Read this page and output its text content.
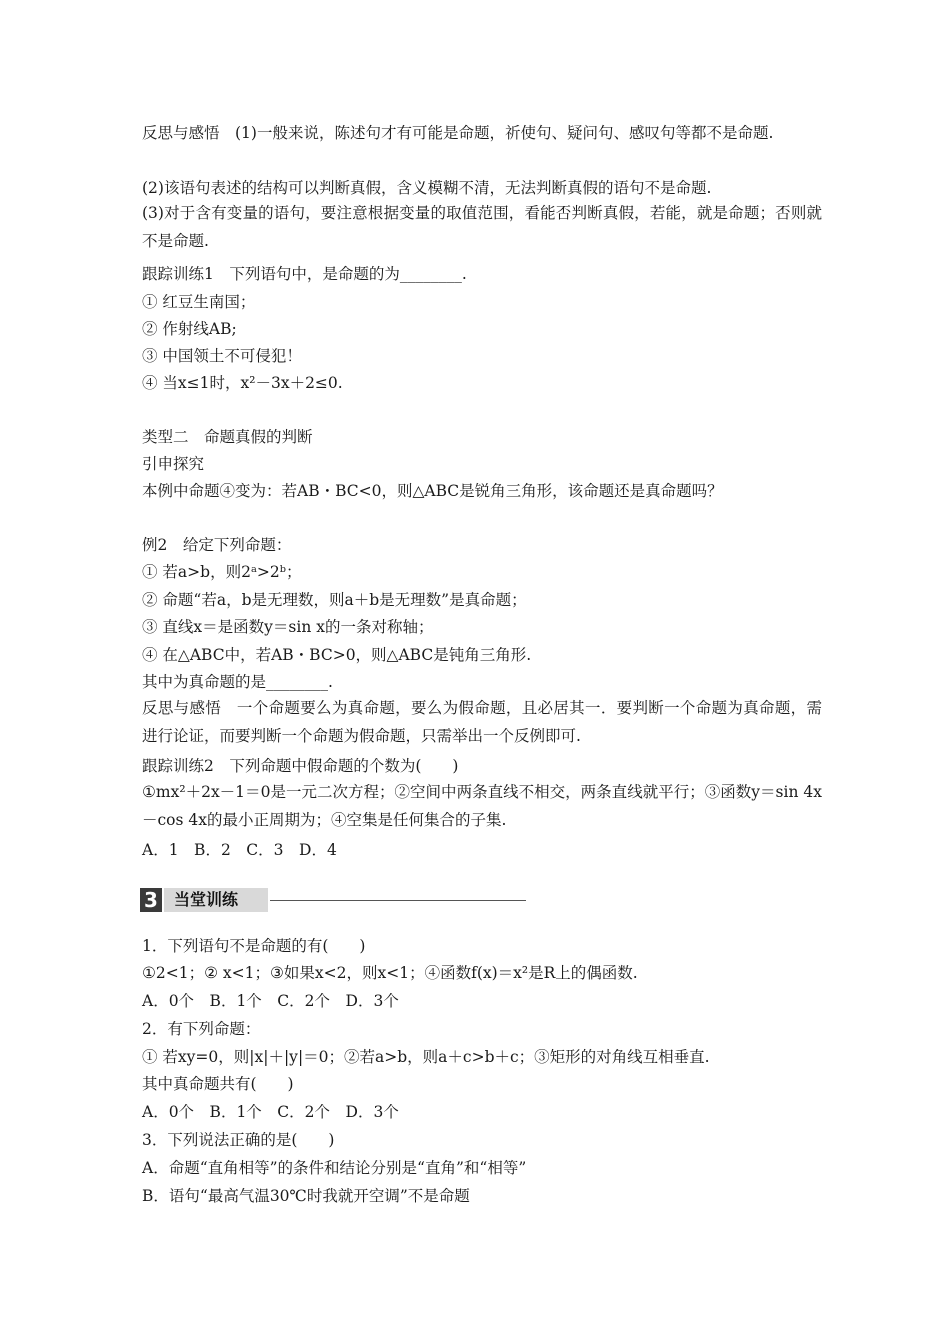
反思与感悟　(1)一般来说，陈述句才有可能是命题，祈使句、疑问句、感叹句等都不是命题.
(2)该语句表述的结构可以判断真假，含义模糊不清，无法判断真假的语句不是命题.
(3)对于含有变量的语句，要注意根据变量的取值范围，看能否判断真假，若能，就是命题；否则就不是命题.
跟踪训练1　下列语句中，是命题的为________.
① 红豆生南国；
② 作射线AB;
③ 中国领土不可侵犯！
④ 当x≤1时，x²－3x＋2≤0.
类型二　命题真假的判断
引申探究
本例中命题④变为：若AB・BC<0，则△ABC是锐角三角形，该命题还是真命题吗？
例2　给定下列命题：
① 若a>b，则2ᵃ>2ᵇ；
② 命题“若a，b是无理数，则a＋b是无理数”是真命题；
③ 直线x＝是函数y＝sin x的一条对称轴；
④ 在△ABC中，若AB・BC>0，则△ABC是钝角三角形.
其中为真命题的是________.
反思与感悟　一个命题要么为真命题，要么为假命题，且必居其一．要判断一个命题为真命题，需进行论证，而要判断一个命题为假命题，只需举出一个反例即可.
跟踪训练2　下列命题中假命题的个数为(　　)
①mx²＋2x－1＝0是一元二次方程；②空间中两条直线不相交，两条直线就平行；③函数y＝sin 4x－cos 4x的最小正周期为；④空集是任何集合的子集.
A．1　B．2　C．3　D．4
3	当堂训练
1．下列语句不是命题的有(　　)
①2<1；② x<1；③如果x<2，则x<1；④函数f(x)＝x²是R上的偶函数.
A．0个　B．1个　C．2个　D．3个
2．有下列命题：
① 若xy=0，则|x|＋|y|＝0；②若a>b，则a＋c>b＋c；③矩形的对角线互相垂直.
其中真命题共有(　　)
A．0个　B．1个　C．2个　D．3个
3．下列说法正确的是(　　)
A．命题“直角相等”的条件和结论分别是“直角”和“相等”
B．语句“最高气温30℃时我就开空调”不是命题
